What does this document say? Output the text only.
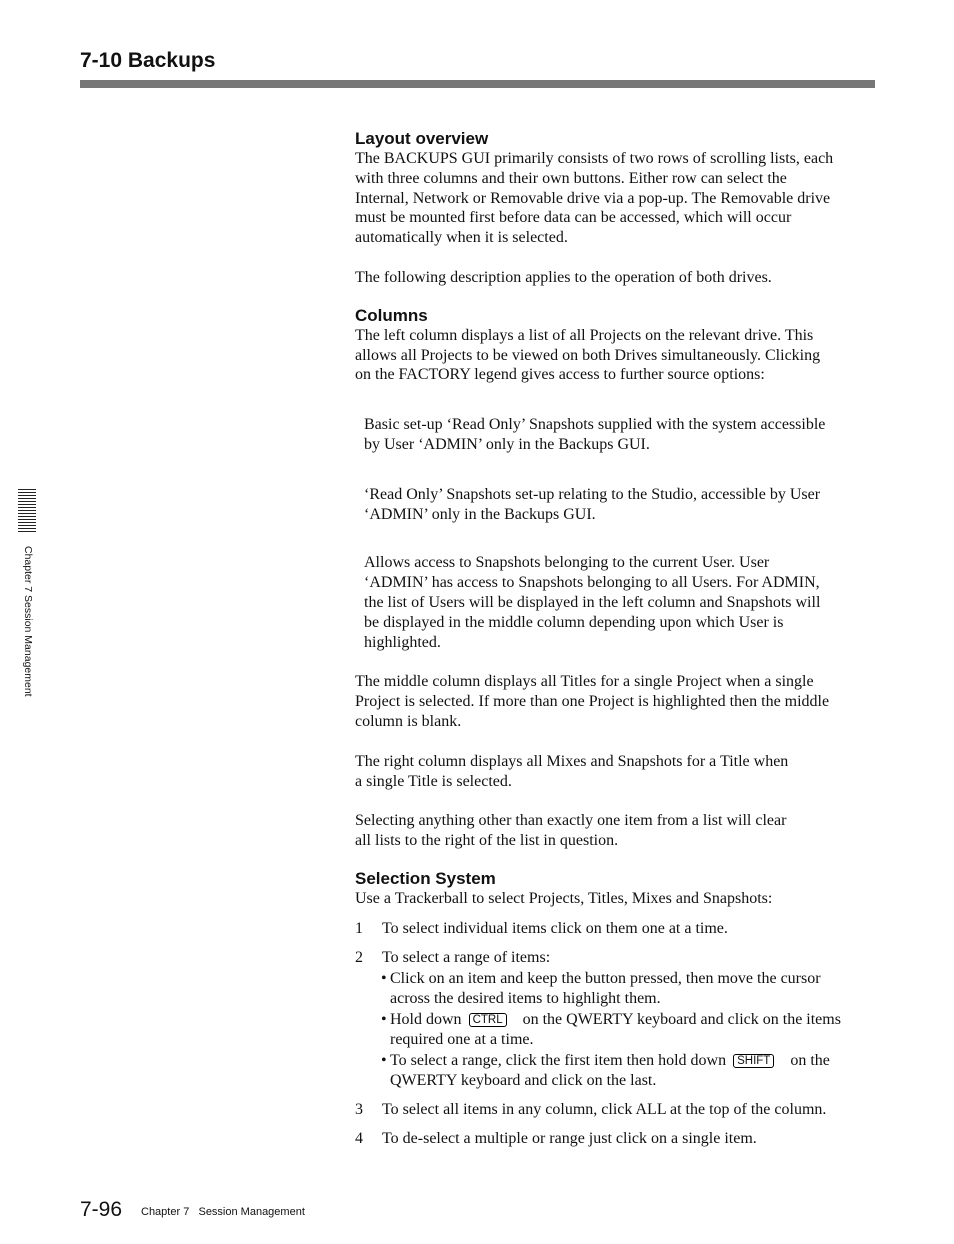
7-10 Backups
Chapter 7 Session Management
Layout overview
The BACKUPS GUI primarily consists of two rows of scrolling lists, each
with three columns and their own buttons. Either row can select the
Internal, Network or Removable drive via a pop-up. The Removable drive
must be mounted first before data can be accessed, which will occur
automatically when it is selected.
The following description applies to the operation of both drives.
Columns
The left column displays a list of all Projects on the relevant drive. This
allows all Projects to be viewed on both Drives simultaneously. Clicking
on the FACTORY legend gives access to further source options:
Basic set-up ‘Read Only’ Snapshots supplied with the system accessible
by User ‘ADMIN’ only in the Backups GUI.
‘Read Only’ Snapshots set-up relating to the Studio, accessible by User
‘ADMIN’ only in the Backups GUI.
Allows access to Snapshots belonging to the current User. User
‘ADMIN’ has access to Snapshots belonging to all Users. For ADMIN,
the list of Users will be displayed in the left column and Snapshots will
be displayed in the middle column depending upon which User is
highlighted.
The middle column displays all Titles for a single Project when a single
Project is selected. If more than one Project is highlighted then the middle
column is blank.
The right column displays all Mixes and Snapshots for a Title when
a single Title is selected.
Selecting anything other than exactly one item from a list will clear
all lists to the right of the list in question.
Selection System
Use a Trackerball to select Projects, Titles, Mixes and Snapshots:
1 To select individual items click on them one at a time.
2 To select a range of items:
• Click on an item and keep the button pressed, then move the cursor
across the desired items to highlight them.
• Hold down CTRL on the QWERTY keyboard and click on the items
required one at a time.
• To select a range, click the first item then hold down SHIFT on the
QWERTY keyboard and click on the last.
3 To select all items in any column, click ALL at the top of the column.
4 To de-select a multiple or range just click on a single item.
7-96 Chapter 7   Session Management
